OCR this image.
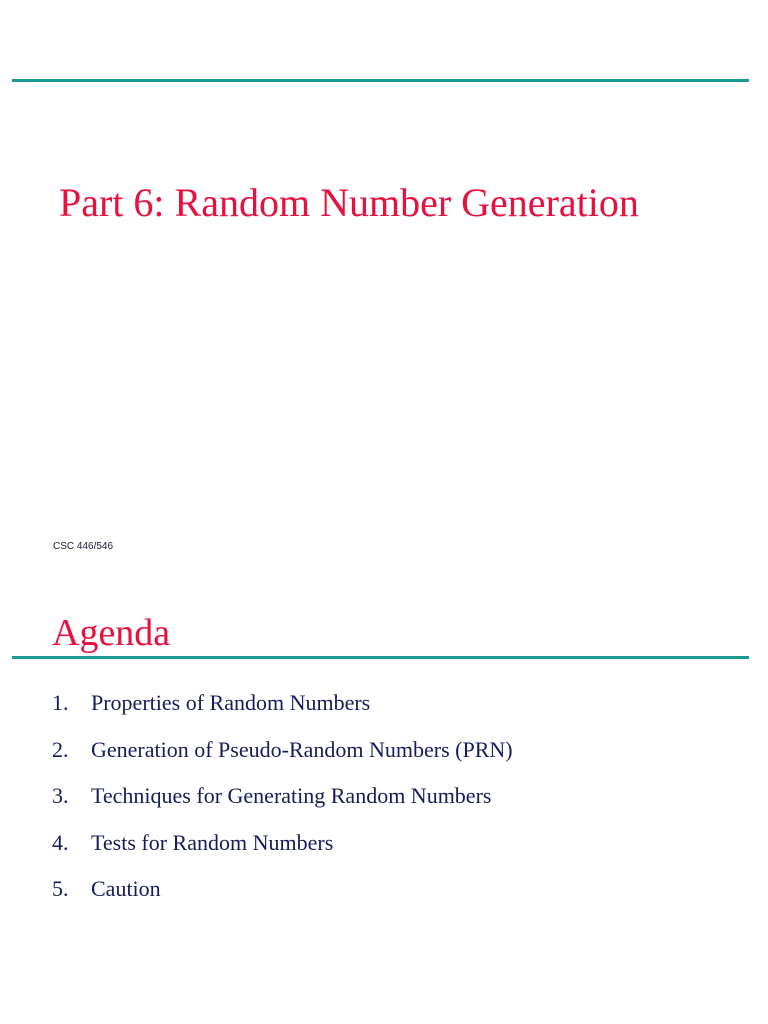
Part 6: Random Number Generation

CSC 446/546

Agenda
1.	Properties of Random Numbers
2.	Generation of Pseudo-Random Numbers (PRN)
3.	Techniques for Generating Random Numbers
4.	Tests for Random Numbers
5.	Caution
